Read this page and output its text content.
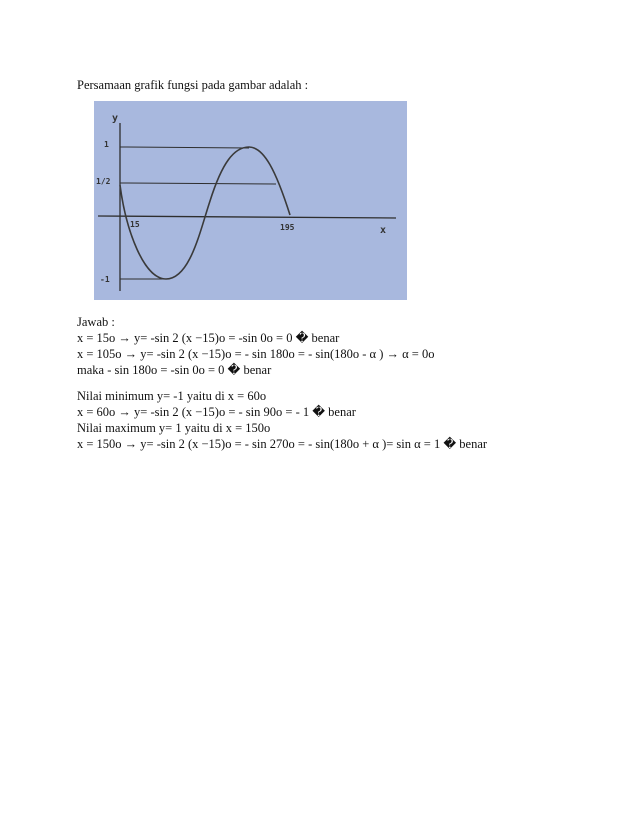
Persamaan grafik fungsi pada gambar adalah :
y
x
1
1/2
-1
15	195
Jawab :
x = 15o → y= -sin 2 (x −15)o = -sin 0o = 0 � benar
x = 105o → y= -sin 2 (x −15)o = - sin 180o = - sin(180o - α ) → α = 0o
maka - sin 180o = -sin 0o = 0 � benar
Nilai minimum y= -1 yaitu di x = 60o
x = 60o → y= -sin 2 (x −15)o = - sin 90o = - 1 � benar
Nilai maximum y= 1 yaitu di x = 150o
x = 150o → y= -sin 2 (x −15)o = - sin 270o = - sin(180o + α )= sin α = 1 � benar
